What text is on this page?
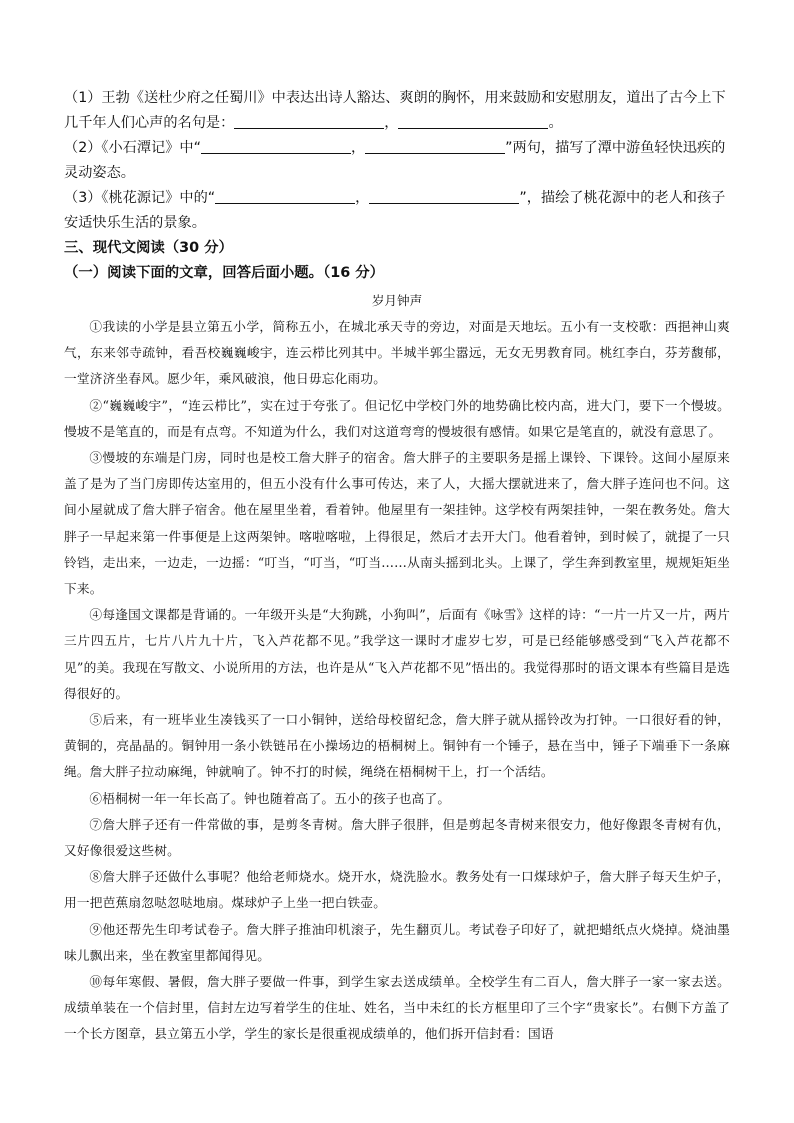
（1）王勃《送杜少府之任蜀川》中表达出诗人豁达、爽朗的胸怀，用来鼓励和安慰朋友，道出了古今上下几千年人们心声的名句是：	，	。

（2）《小石潭记》中“	，	”两句，描写了潭中游鱼轻快迅疾的灵动姿态。

（3）《桃花源记》中的“	，	”，描绘了桃花源中的老人和孩子安适快乐生活的景象。

三、现代文阅读（30 分）

（一）阅读下面的文章，回答后面小题。（16 分）

岁月钟声

①我读的小学是县立第五小学，简称五小，在城北承天寺的旁边，对面是天地坛。五小有一支校歌：西挹神山爽气，东来邻寺疏钟，看吾校巍巍峻宇，连云栉比列其中。半城半郭尘嚣远，无女无男教育同。桃红李白，芬芳馥郁，一堂济济坐春风。愿少年，乘风破浪，他日毋忘化雨功。

②“巍巍峻宇”，“连云栉比”，实在过于夸张了。但记忆中学校门外的地势确比校内高，进大门，要下一个慢坡。慢坡不是笔直的，而是有点弯。不知道为什么，我们对这道弯弯的慢坡很有感情。如果它是笔直的，就没有意思了。

③慢坡的东端是门房，同时也是校工詹大胖子的宿舍。詹大胖子的主要职务是摇上课铃、下课铃。这间小屋原来盖了是为了当门房即传达室用的，但五小没有什么事可传达，来了人，大摇大摆就进来了，詹大胖子连问也不问。这间小屋就成了詹大胖子宿舍。他在屋里坐着，看着钟。他屋里有一架挂钟。这学校有两架挂钟，一架在教务处。詹大胖子一早起来第一件事便是上这两架钟。喀啦喀啦，上得很足，然后才去开大门。他看着钟，到时候了，就提了一只铃铛，走出来，一边走，一边摇：“叮当，“叮当，“叮当……从南头摇到北头。上课了，学生奔到教室里，规规矩矩坐下来。

④每逢国文课都是背诵的。一年级开头是“大狗跳，小狗叫”，后面有《咏雪》这样的诗：“一片一片又一片，两片三片四五片，七片八片九十片，飞入芦花都不见。”我学这一课时才虚岁七岁，可是已经能够感受到“飞入芦花都不见”的美。我现在写散文、小说所用的方法，也许是从“飞入芦花都不见”悟出的。我觉得那时的语文课本有些篇目是选得很好的。

⑤后来，有一班毕业生凑钱买了一口小铜钟，送给母校留纪念，詹大胖子就从摇铃改为打钟。一口很好看的钟，黄铜的，亮晶晶的。铜钟用一条小铁链吊在小操场边的梧桐树上。铜钟有一个锤子，悬在当中，锤子下端垂下一条麻绳。詹大胖子拉动麻绳，钟就响了。钟不打的时候，绳绕在梧桐树干上，打一个活结。

⑥梧桐树一年一年长高了。钟也随着高了。五小的孩子也高了。

⑦詹大胖子还有一件常做的事，是剪冬青树。詹大胖子很胖，但是剪起冬青树来很安力，他好像跟冬青树有仇，又好像很爱这些树。

⑧詹大胖子还做什么事呢？他给老师烧水。烧开水，烧洗脸水。教务处有一口煤球炉子，詹大胖子每天生炉子，用一把芭蕉扇忽哒忽哒地扇。煤球炉子上坐一把白铁壶。

⑨他还帮先生印考试卷子。詹大胖子推油印机滚子，先生翻页儿。考试卷子印好了，就把蜡纸点火烧掉。烧油墨味儿飘出来，坐在教室里都闻得见。

⑩每年寒假、暑假，詹大胖子要做一件事，到学生家去送成绩单。全校学生有二百人，詹大胖子一家一家去送。成绩单装在一个信封里，信封左边写着学生的住址、姓名，当中未红的长方框里印了三个字“贵家长”。右侧下方盖了一个长方图章，县立第五小学，学生的家长是很重视成绩单的，他们拆开信封看：国语
